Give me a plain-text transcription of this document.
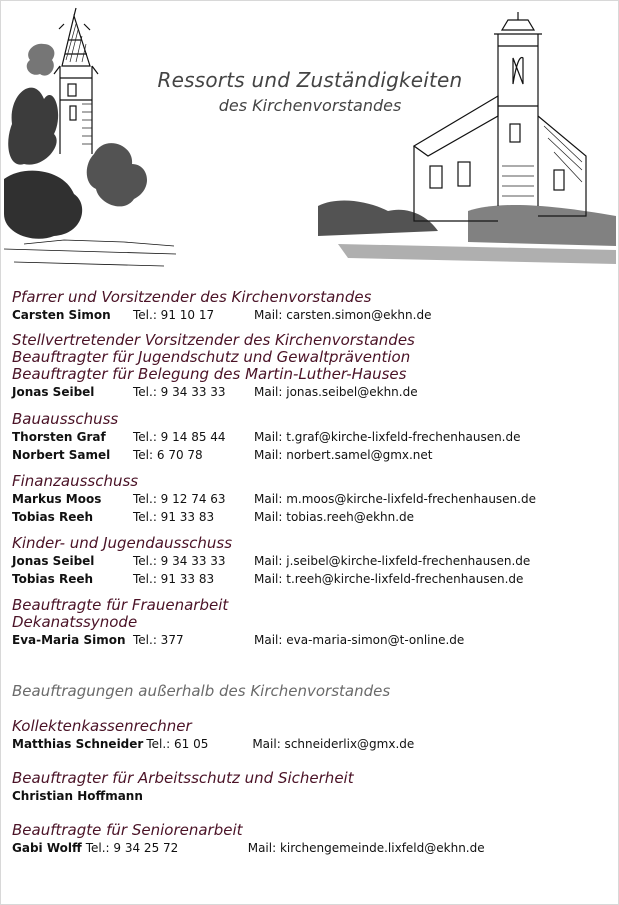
Ressorts und Zuständigkeiten
des Kirchenvorstandes
Pfarrer und Vorsitzender des Kirchenvorstandes
Carsten Simon	Tel.: 91 10 17	Mail: carsten.simon@ekhn.de
Stellvertretender Vorsitzender des Kirchenvorstandes
Beauftragter für Jugendschutz und Gewaltprävention
Beauftragter für Belegung des Martin-Luther-Hauses
Jonas Seibel	Tel.: 9 34 33 33	Mail: jonas.seibel@ekhn.de
Bauausschuss
Thorsten Graf	Tel.: 9 14 85 44	Mail: t.graf@kirche-lixfeld-frechenhausen.de
Norbert Samel	Tel: 6 70 78	Mail: norbert.samel@gmx.net
Finanzausschuss
Markus Moos	Tel.: 9 12 74 63	Mail: m.moos@kirche-lixfeld-frechenhausen.de
Tobias Reeh	Tel.: 91 33 83	Mail: tobias.reeh@ekhn.de
Kinder- und Jugendausschuss
Jonas Seibel	Tel.: 9 34 33 33	Mail: j.seibel@kirche-lixfeld-frechenhausen.de
Tobias Reeh	Tel.: 91 33 83	Mail: t.reeh@kirche-lixfeld-frechenhausen.de
Beauftragte für Frauenarbeit
Dekanatssynode
Eva-Maria Simon Tel.: 377	Mail: eva-maria-simon@t-online.de
Beauftragungen außerhalb des Kirchenvorstandes
Kollektenkassenrechner
Matthias Schneider Tel.: 61 05	Mail: schneiderlix@gmx.de
Beauftragter für Arbeitsschutz und Sicherheit
Christian Hoffmann
Beauftragte für Seniorenarbeit
Gabi Wolff Tel.: 9 34 25 72	Mail: kirchengemeinde.lixfeld@ekhn.de
